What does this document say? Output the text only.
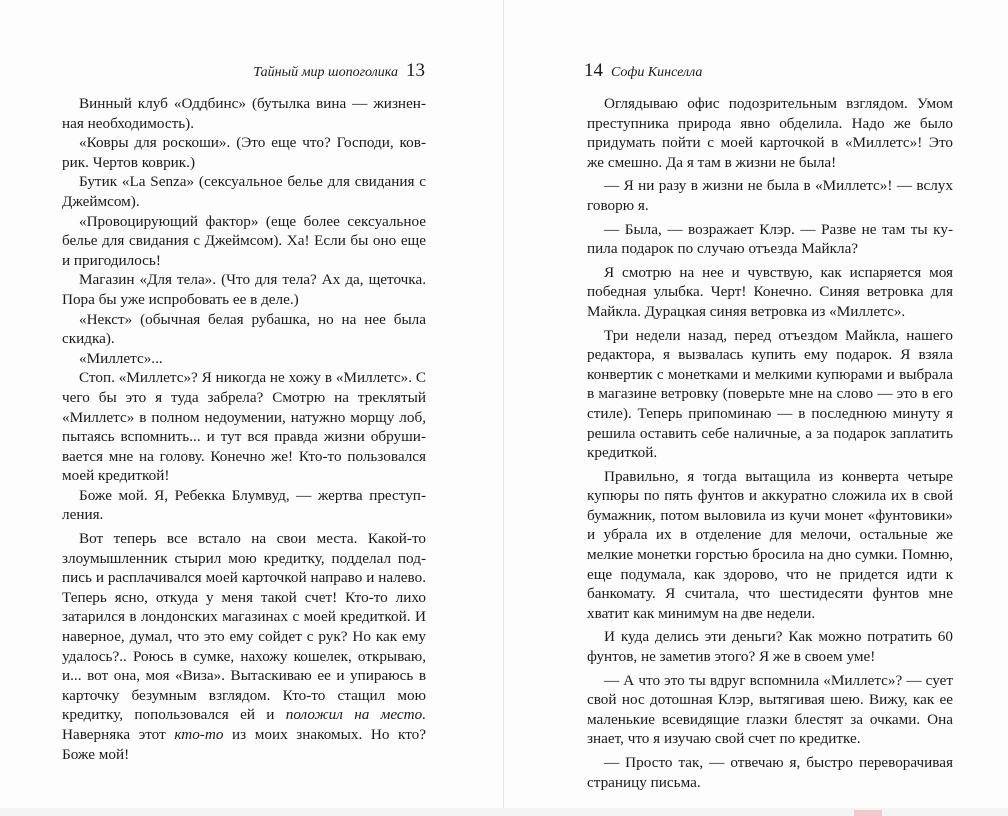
Тайный мир шопоголика 13

Винный клуб «Оддбинс» (бутылка вина — жизненная необходимость).

«Ковры для роскоши». (Это еще что? Господи, коврик. Чертов коврик.)

Бутик «La Senza» (сексуальное белье для свидания с Джеймсом).

«Провоцирующий фактор» (еще более сексуальное белье для свидания с Джеймсом). Ха! Если бы оно еще и пригодилось!

Магазин «Для тела». (Что для тела? Ах да, щеточка. Пора бы уже испробовать ее в деле.)

«Некст» (обычная белая рубашка, но на нее была скидка).

«Миллетс»...

Стоп. «Миллетс»? Я никогда не хожу в «Миллетс». С чего бы это я туда забрела? Смотрю на треклятый «Миллетс» в полном недоумении, натужно морщу лоб, пытаясь вспомнить... и тут вся правда жизни обрушивается мне на голову. Конечно же! Кто-то пользовался моей кредиткой!

Боже мой. Я, Ребекка Блумвуд, — жертва преступления.

Вот теперь все встало на свои места. Какой-то злоумышленник стырил мою кредитку, подделал подпись и расплачивался моей карточкой направо и налево. Теперь ясно, откуда у меня такой счет! Кто-то лихо затарился в лондонских магазинах с моей кредиткой. И наверное, думал, что это ему сойдет с рук? Но как ему удалось?.. Роюсь в сумке, нахожу кошелек, открываю, и... вот она, моя «Виза». Вытаскиваю ее и упираюсь в карточку безумным взглядом. Кто-то стащил мою кредитку, попользовался ей и положил на место. Наверняка этот кто-то из моих знакомых. Но кто? Боже мой!

14 Софи Кинселла

Оглядываю офис подозрительным взглядом. Умом преступника природа явно обделила. Надо же было придумать пойти с моей карточкой в «Миллетс»! Это же смешно. Да я там в жизни не была!

— Я ни разу в жизни не была в «Миллетс»! — вслух говорю я.

— Была, — возражает Клэр. — Разве не там ты купила подарок по случаю отъезда Майкла?

Я смотрю на нее и чувствую, как испаряется моя победная улыбка. Черт! Конечно. Синяя ветровка для Майкла. Дурацкая синяя ветровка из «Миллетс».

Три недели назад, перед отъездом Майкла, нашего редактора, я вызвалась купить ему подарок. Я взяла конвертик с монетками и мелкими купюрами и выбрала в магазине ветровку (поверьте мне на слово — это в его стиле). Теперь припоминаю — в последнюю минуту я решила оставить себе наличные, а за подарок заплатить кредиткой.

Правильно, я тогда вытащила из конверта четыре купюры по пять фунтов и аккуратно сложила их в свой бумажник, потом выловила из кучи монет «фунтовики» и убрала их в отделение для мелочи, остальные же мелкие монетки горстью бросила на дно сумки. Помню, еще подумала, как здорово, что не придется идти к банкомату. Я считала, что шестидесяти фунтов мне хватит как минимум на две недели.

И куда делись эти деньги? Как можно потратить 60 фунтов, не заметив этого? Я же в своем уме!

— А что это ты вдруг вспомнила «Миллетс»? — сует свой нос дотошная Клэр, вытягивая шею. Вижу, как ее маленькие всевидящие глазки блестят за очками. Она знает, что я изучаю свой счет по кредитке.

— Просто так, — отвечаю я, быстро переворачивая страницу письма.
